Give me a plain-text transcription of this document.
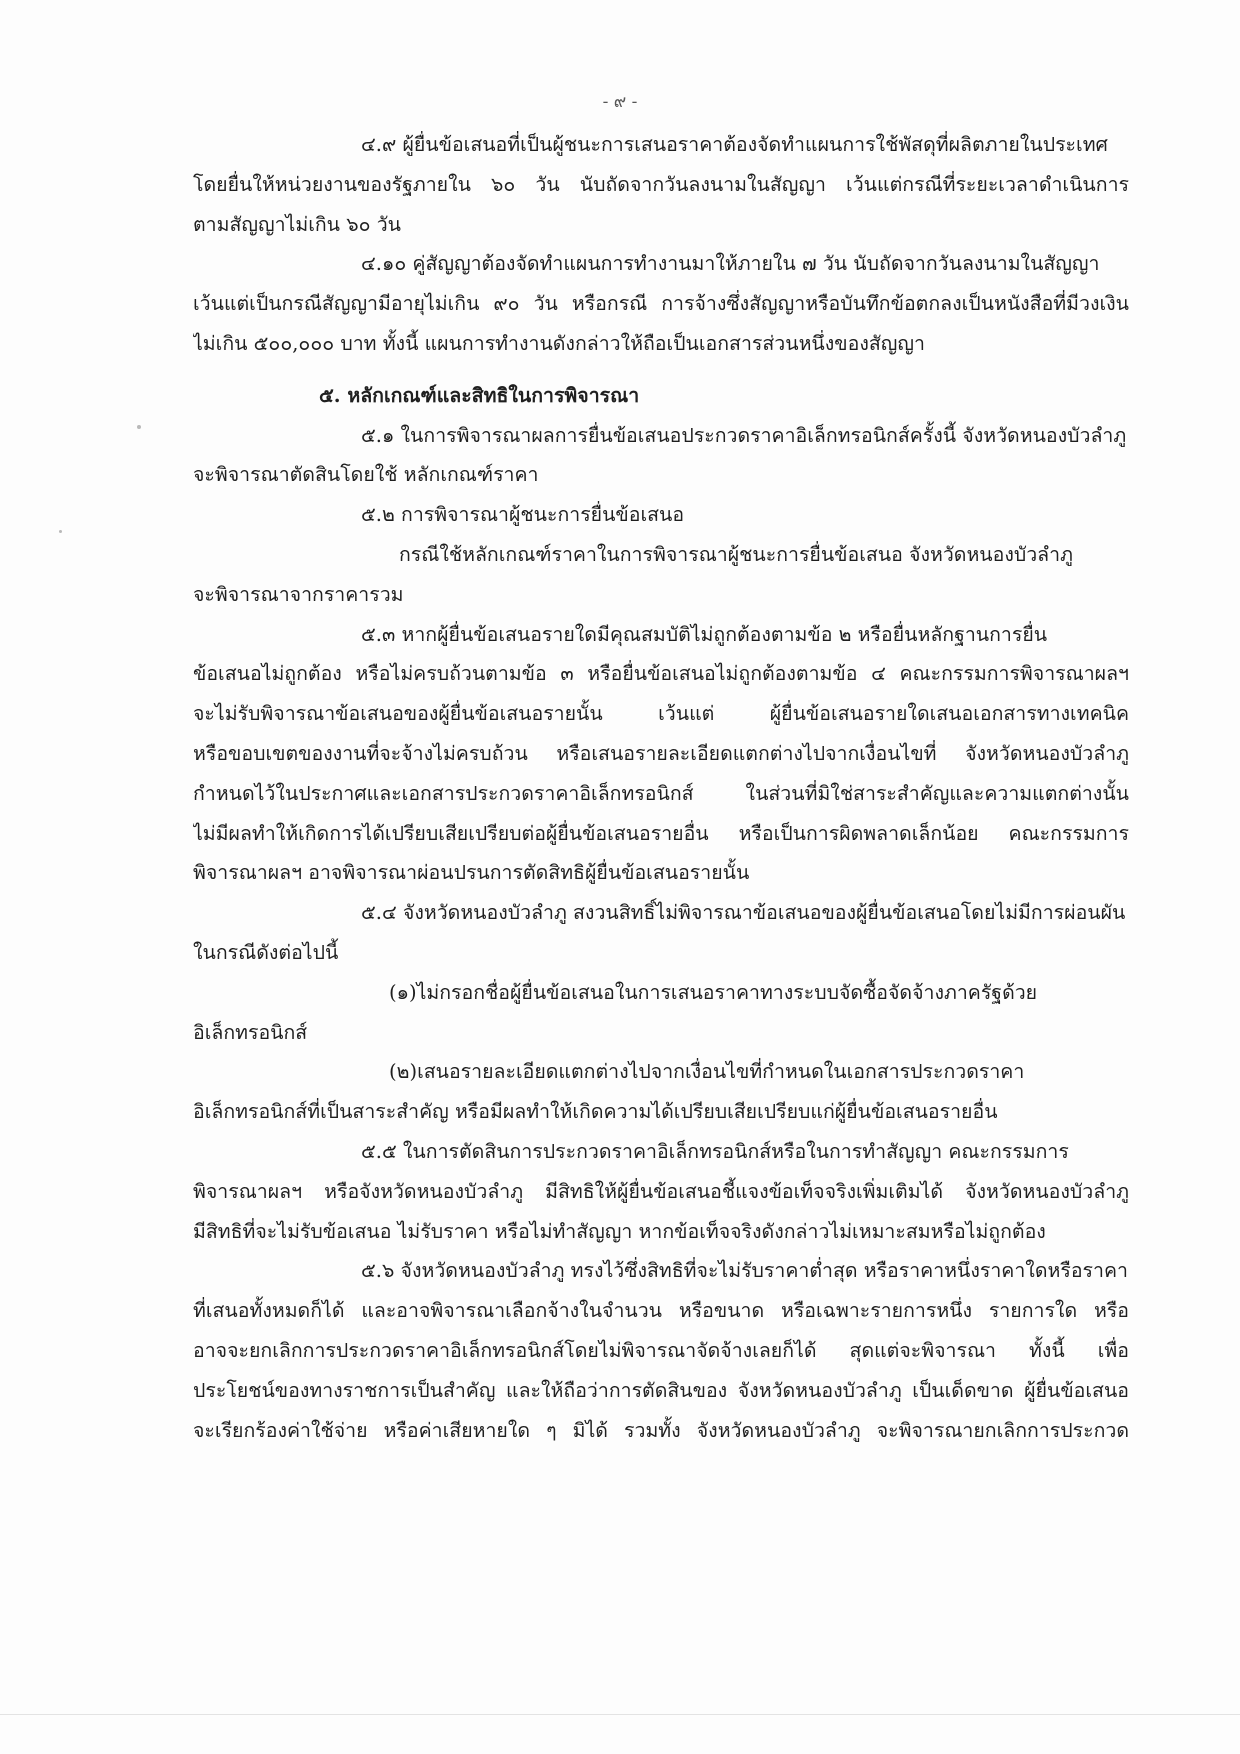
- ๙ -
๔.๙ ผู้ยื่นข้อเสนอที่เป็นผู้ชนะการเสนอราคาต้องจัดทำแผนการใช้พัสดุที่ผลิตภายในประเทศ
โดยยื่นให้หน่วยงานของรัฐภายใน ๖๐ วัน นับถัดจากวันลงนามในสัญญา เว้นแต่กรณีที่ระยะเวลาดำเนินการ
ตามสัญญาไม่เกิน ๖๐ วัน
๔.๑๐ คู่สัญญาต้องจัดทำแผนการทำงานมาให้ภายใน ๗ วัน นับถัดจากวันลงนามในสัญญา
เว้นแต่เป็นกรณีสัญญามีอายุไม่เกิน ๙๐ วัน หรือกรณี การจ้างซึ่งสัญญาหรือบันทึกข้อตกลงเป็นหนังสือที่มีวงเงิน
ไม่เกิน ๕๐๐,๐๐๐ บาท ทั้งนี้ แผนการทำงานดังกล่าวให้ถือเป็นเอกสารส่วนหนึ่งของสัญญา
๕. หลักเกณฑ์และสิทธิในการพิจารณา
๕.๑ ในการพิจารณาผลการยื่นข้อเสนอประกวดราคาอิเล็กทรอนิกส์ครั้งนี้ จังหวัดหนองบัวลำภู
จะพิจารณาตัดสินโดยใช้ หลักเกณฑ์ราคา
๕.๒ การพิจารณาผู้ชนะการยื่นข้อเสนอ
กรณีใช้หลักเกณฑ์ราคาในการพิจารณาผู้ชนะการยื่นข้อเสนอ จังหวัดหนองบัวลำภู
จะพิจารณาจากราคารวม
๕.๓ หากผู้ยื่นข้อเสนอรายใดมีคุณสมบัติไม่ถูกต้องตามข้อ ๒ หรือยื่นหลักฐานการยื่น
ข้อเสนอไม่ถูกต้อง หรือไม่ครบถ้วนตามข้อ ๓ หรือยื่นข้อเสนอไม่ถูกต้องตามข้อ ๔ คณะกรรมการพิจารณาผลฯ
จะไม่รับพิจารณาข้อเสนอของผู้ยื่นข้อเสนอรายนั้น เว้นแต่ ผู้ยื่นข้อเสนอรายใดเสนอเอกสารทางเทคนิค
หรือขอบเขตของงานที่จะจ้างไม่ครบถ้วน หรือเสนอรายละเอียดแตกต่างไปจากเงื่อนไขที่ จังหวัดหนองบัวลำภู
กำหนดไว้ในประกาศและเอกสารประกวดราคาอิเล็กทรอนิกส์ ในส่วนที่มิใช่สาระสำคัญและความแตกต่างนั้น
ไม่มีผลทำให้เกิดการได้เปรียบเสียเปรียบต่อผู้ยื่นข้อเสนอรายอื่น หรือเป็นการผิดพลาดเล็กน้อย คณะกรรมการ
พิจารณาผลฯ อาจพิจารณาผ่อนปรนการตัดสิทธิผู้ยื่นข้อเสนอรายนั้น
๕.๔ จังหวัดหนองบัวลำภู สงวนสิทธิ์ไม่พิจารณาข้อเสนอของผู้ยื่นข้อเสนอโดยไม่มีการผ่อนผัน
ในกรณีดังต่อไปนี้
(๑)ไม่กรอกชื่อผู้ยื่นข้อเสนอในการเสนอราคาทางระบบจัดซื้อจัดจ้างภาครัฐด้วย
อิเล็กทรอนิกส์
(๒)เสนอรายละเอียดแตกต่างไปจากเงื่อนไขที่กำหนดในเอกสารประกวดราคา
อิเล็กทรอนิกส์ที่เป็นสาระสำคัญ หรือมีผลทำให้เกิดความได้เปรียบเสียเปรียบแก่ผู้ยื่นข้อเสนอรายอื่น
๕.๕ ในการตัดสินการประกวดราคาอิเล็กทรอนิกส์หรือในการทำสัญญา คณะกรรมการ
พิจารณาผลฯ หรือจังหวัดหนองบัวลำภู มีสิทธิให้ผู้ยื่นข้อเสนอชี้แจงข้อเท็จจริงเพิ่มเติมได้ จังหวัดหนองบัวลำภู
มีสิทธิที่จะไม่รับข้อเสนอ ไม่รับราคา หรือไม่ทำสัญญา หากข้อเท็จจริงดังกล่าวไม่เหมาะสมหรือไม่ถูกต้อง
๕.๖ จังหวัดหนองบัวลำภู ทรงไว้ซึ่งสิทธิที่จะไม่รับราคาต่ำสุด หรือราคาหนึ่งราคาใดหรือราคา
ที่เสนอทั้งหมดก็ได้ และอาจพิจารณาเลือกจ้างในจำนวน หรือขนาด หรือเฉพาะรายการหนึ่ง รายการใด หรือ
อาจจะยกเลิกการประกวดราคาอิเล็กทรอนิกส์โดยไม่พิจารณาจัดจ้างเลยก็ได้ สุดแต่จะพิจารณา ทั้งนี้ เพื่อ
ประโยชน์ของทางราชการเป็นสำคัญ และให้ถือว่าการตัดสินของ จังหวัดหนองบัวลำภู เป็นเด็ดขาด ผู้ยื่นข้อเสนอ
จะเรียกร้องค่าใช้จ่าย หรือค่าเสียหายใด ๆ มิได้ รวมทั้ง จังหวัดหนองบัวลำภู จะพิจารณายกเลิกการประกวด
